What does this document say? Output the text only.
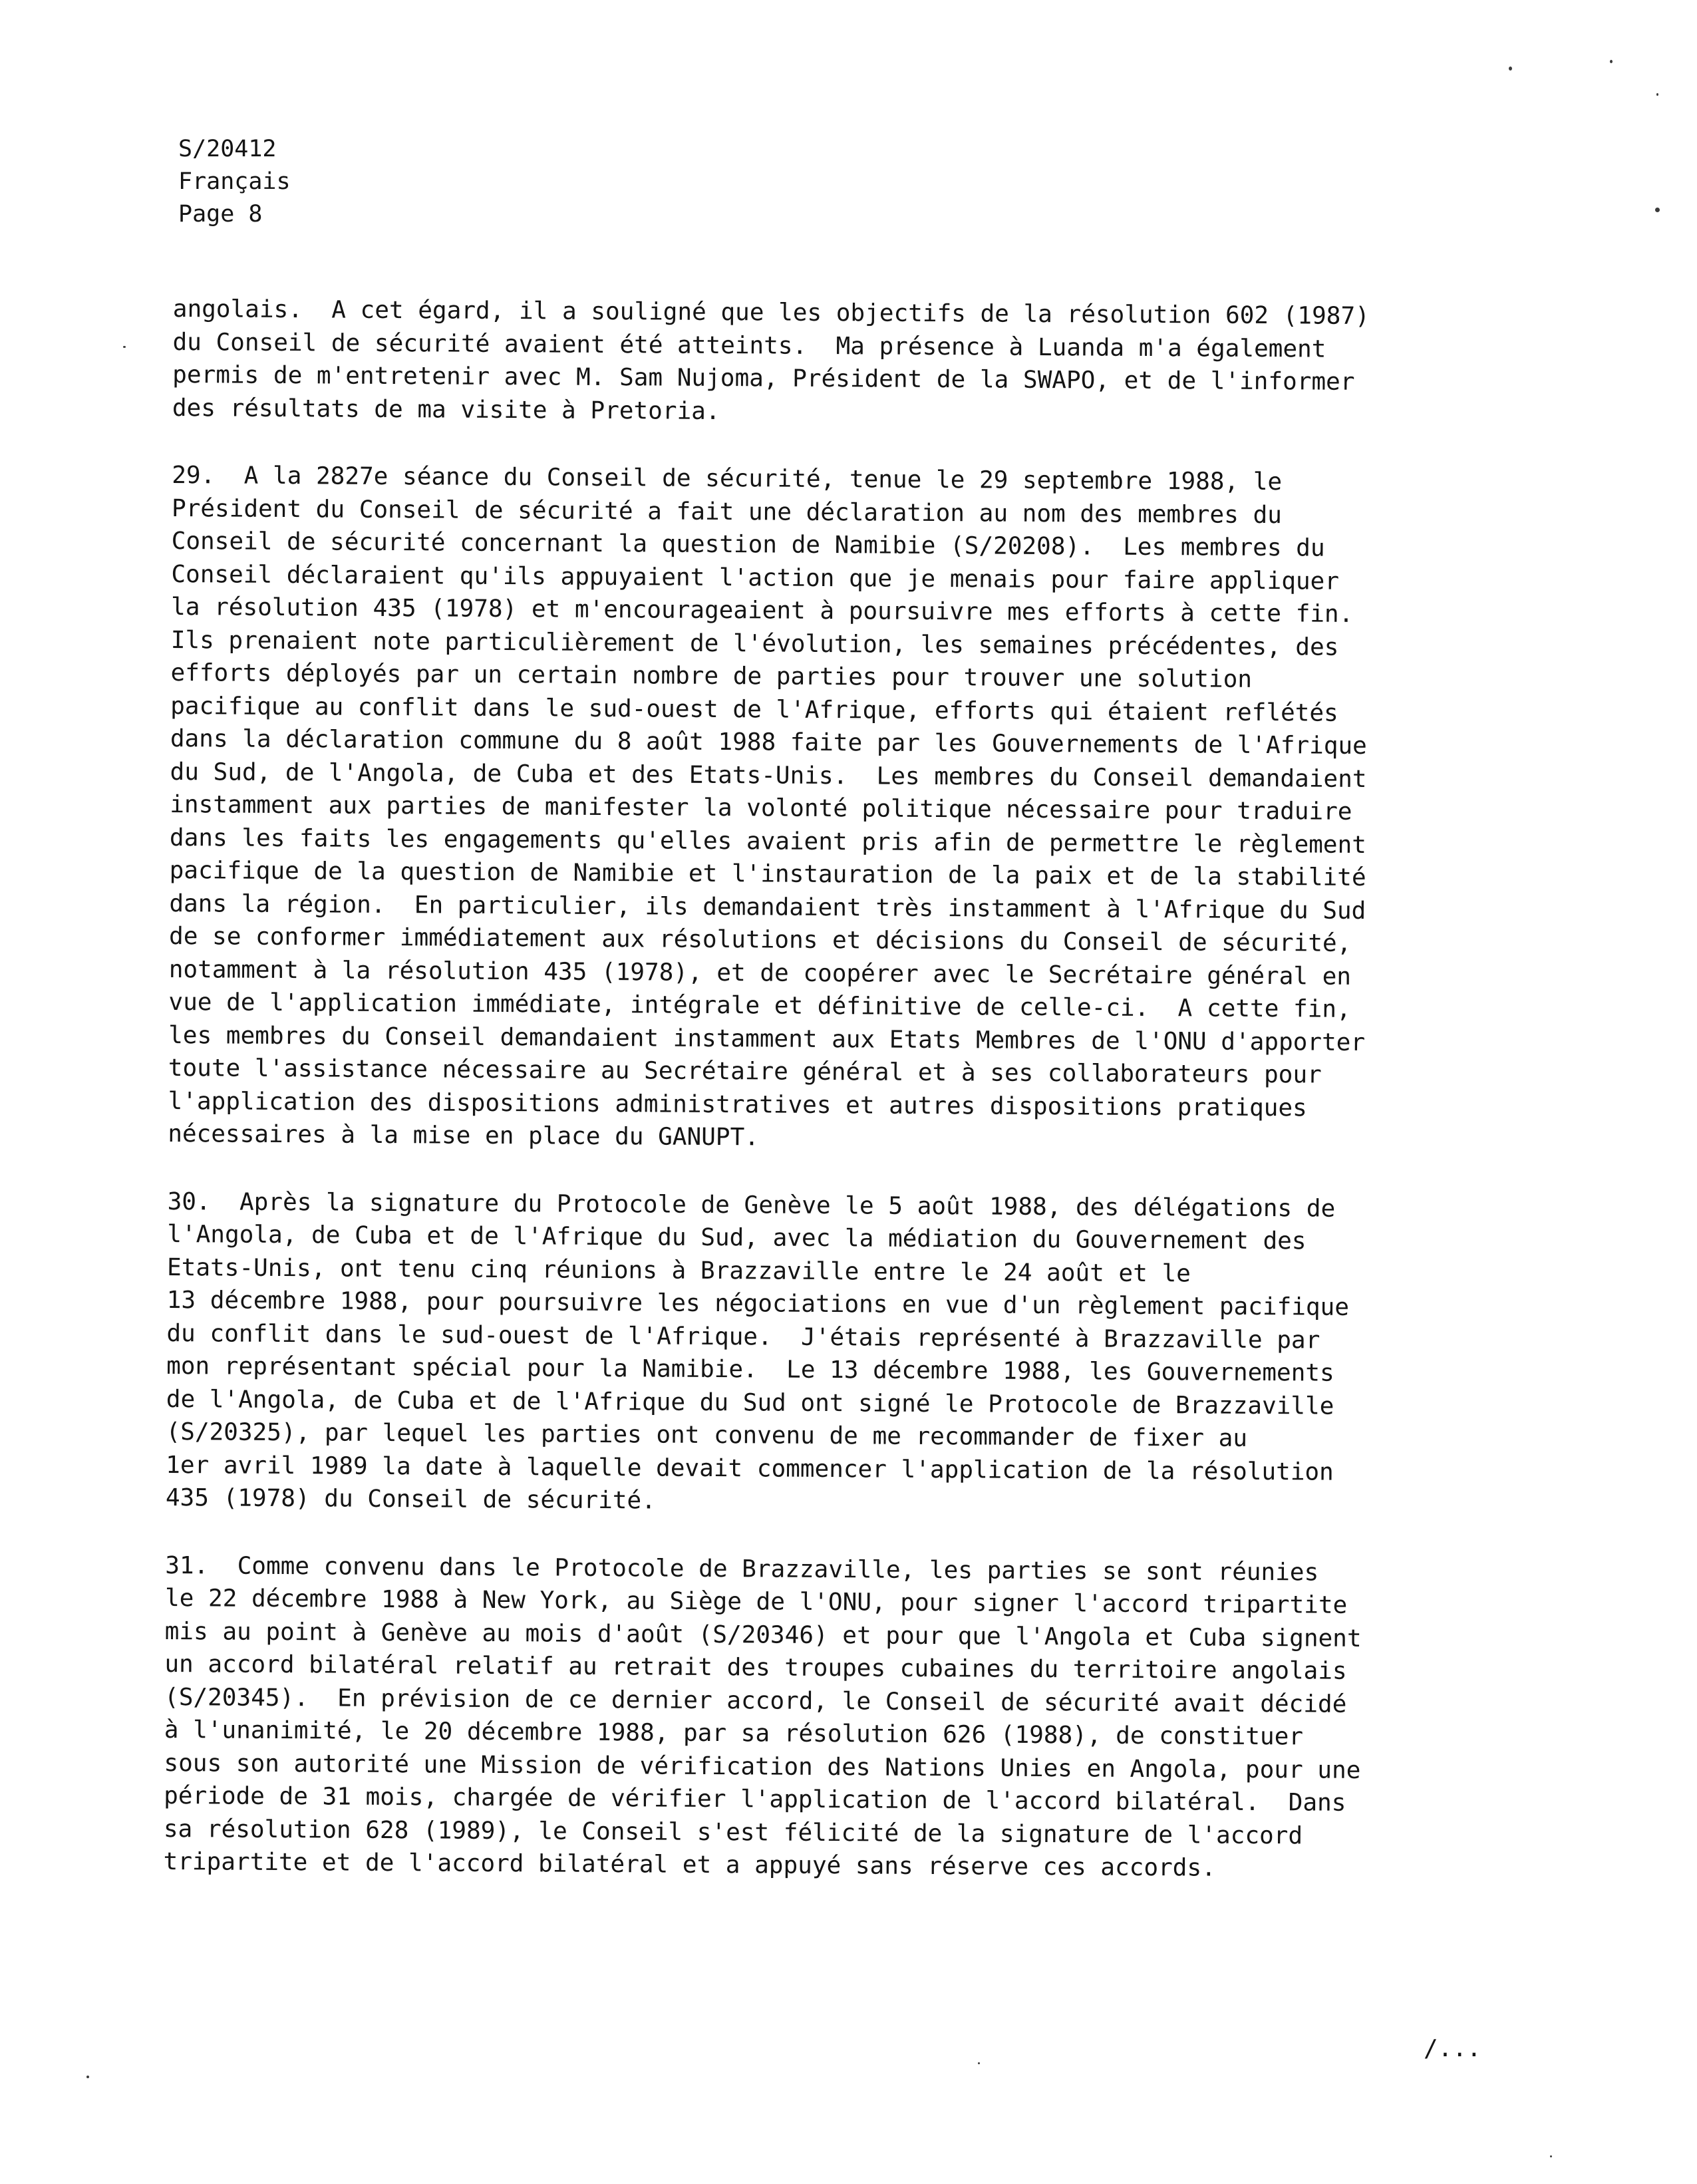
S/20412
Français
Page 8
angolais.  A cet égard, il a souligné que les objectifs de la résolution 602 (1987)
du Conseil de sécurité avaient été atteints.  Ma présence à Luanda m'a également
permis de m'entretenir avec M. Sam Nujoma, Président de la SWAPO, et de l'informer
des résultats de ma visite à Pretoria.
29.  A la 2827e séance du Conseil de sécurité, tenue le 29 septembre 1988, le
Président du Conseil de sécurité a fait une déclaration au nom des membres du
Conseil de sécurité concernant la question de Namibie (S/20208).  Les membres du
Conseil déclaraient qu'ils appuyaient l'action que je menais pour faire appliquer
la résolution 435 (1978) et m'encourageaient à poursuivre mes efforts à cette fin.
Ils prenaient note particulièrement de l'évolution, les semaines précédentes, des
efforts déployés par un certain nombre de parties pour trouver une solution
pacifique au conflit dans le sud-ouest de l'Afrique, efforts qui étaient reflétés
dans la déclaration commune du 8 août 1988 faite par les Gouvernements de l'Afrique
du Sud, de l'Angola, de Cuba et des Etats-Unis.  Les membres du Conseil demandaient
instamment aux parties de manifester la volonté politique nécessaire pour traduire
dans les faits les engagements qu'elles avaient pris afin de permettre le règlement
pacifique de la question de Namibie et l'instauration de la paix et de la stabilité
dans la région.  En particulier, ils demandaient très instamment à l'Afrique du Sud
de se conformer immédiatement aux résolutions et décisions du Conseil de sécurité,
notamment à la résolution 435 (1978), et de coopérer avec le Secrétaire général en
vue de l'application immédiate, intégrale et définitive de celle-ci.  A cette fin,
les membres du Conseil demandaient instamment aux Etats Membres de l'ONU d'apporter
toute l'assistance nécessaire au Secrétaire général et à ses collaborateurs pour
l'application des dispositions administratives et autres dispositions pratiques
nécessaires à la mise en place du GANUPT.
30.  Après la signature du Protocole de Genève le 5 août 1988, des délégations de
l'Angola, de Cuba et de l'Afrique du Sud, avec la médiation du Gouvernement des
Etats-Unis, ont tenu cinq réunions à Brazzaville entre le 24 août et le
13 décembre 1988, pour poursuivre les négociations en vue d'un règlement pacifique
du conflit dans le sud-ouest de l'Afrique.  J'étais représenté à Brazzaville par
mon représentant spécial pour la Namibie.  Le 13 décembre 1988, les Gouvernements
de l'Angola, de Cuba et de l'Afrique du Sud ont signé le Protocole de Brazzaville
(S/20325), par lequel les parties ont convenu de me recommander de fixer au
1er avril 1989 la date à laquelle devait commencer l'application de la résolution
435 (1978) du Conseil de sécurité.
31.  Comme convenu dans le Protocole de Brazzaville, les parties se sont réunies
le 22 décembre 1988 à New York, au Siège de l'ONU, pour signer l'accord tripartite
mis au point à Genève au mois d'août (S/20346) et pour que l'Angola et Cuba signent
un accord bilatéral relatif au retrait des troupes cubaines du territoire angolais
(S/20345).  En prévision de ce dernier accord, le Conseil de sécurité avait décidé
à l'unanimité, le 20 décembre 1988, par sa résolution 626 (1988), de constituer
sous son autorité une Mission de vérification des Nations Unies en Angola, pour une
période de 31 mois, chargée de vérifier l'application de l'accord bilatéral.  Dans
sa résolution 628 (1989), le Conseil s'est félicité de la signature de l'accord
tripartite et de l'accord bilatéral et a appuyé sans réserve ces accords.
/...
